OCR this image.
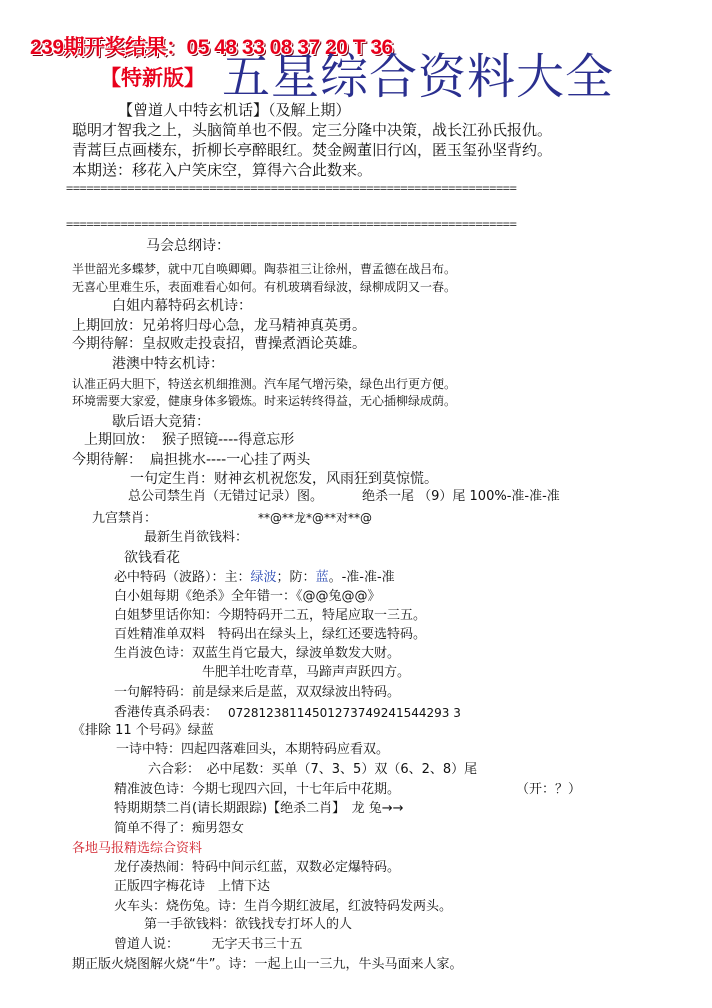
239期开奖结果：05 48 33 08 37 20 T 36
【特新版】 五星综合资料大全
【曾道人中特玄机话】（及解上期）
聪明才智我之上，头脑简单也不假。定三分隆中决策，战长江孙氏报仇。
青蒿巨点画楼东，折柳长亭醉眼红。焚金阙董旧行凶，匿玉玺孙坚背约。
本期送：移花入户笑床空，算得六合此数来。
==================================================================
==================================================================
马会总纲诗：
半世韶光多蝶梦，就中兀自唤卿卿。陶恭祖三让徐州，曹孟德在战吕布。
无喜心里难生乐，表面难看心如何。有机玻璃看绿波，绿柳成阴又一春。
白姐内幕特码玄机诗：
上期回放：兄弟将归母心急，龙马精神真英勇。
今期待解：皇叔败走投袁招，曹操煮酒论英雄。
港澳中特玄机诗：
认准正码大胆下，特送玄机细推测。汽车尾气增污染，绿色出行更方便。
环境需要大家爱，健康身体多锻炼。时来运转终得益，无心插柳绿成荫。
歇后语大竞猜：
上期回放： 猴子照镜----得意忘形
今期待解： 扁担挑水----一心挂了两头
一句定生肖：财神玄机祝您发，风雨狂到莫惊慌。
总公司禁生肖（无错过记录）图。	绝杀一尾 （9）尾 100%-准-准-准
九宫禁肖：	**@**龙*@**对**@
最新生肖欲钱料：
欲钱看花
必中特码（波路）：主：绿波；防：蓝。-准-准-准
白小姐每期《绝杀》全年错一：《@@兔@@》
白姐梦里话你知：今期特码开二五，特尾应取一三五。
百姓精准单双料　特码出在绿头上，绿红还要选特码。
生肖波色诗：双蓝生肖它最大，绿波单数发大财。
牛肥羊壮吃青草，马蹄声声跃四方。
一句解特码：前是绿来后是蓝，双双绿波出特码。
香港传真杀码表： 07281238114501273749241544293 3
《排除 11 个号码》绿蓝
一诗中特：四起四落难回头，本期特码应看双。
六合彩：　必中尾数：买单（7、3、5）双（6、2、8）尾
精准波色诗：今期七现四六回，十七年后中花期。	（开：？）
特期期禁二肖(请长期跟踪)【绝杀二肖】　龙 兔→→
简单不得了：痴男怨女
各地马报精选综合资料
龙仔凑热闹：特码中间示红蓝，双数必定爆特码。
正版四字梅花诗　上情下达
火车头：烧伤兔。诗：生肖今期红波尾，红波特码发两头。
第一手欲钱料：欲钱找专打坏人的人
曾道人说：　　　无字天书三十五
期正版火烧图解火烧“牛”。诗：一起上山一三九，牛头马面来人家。
